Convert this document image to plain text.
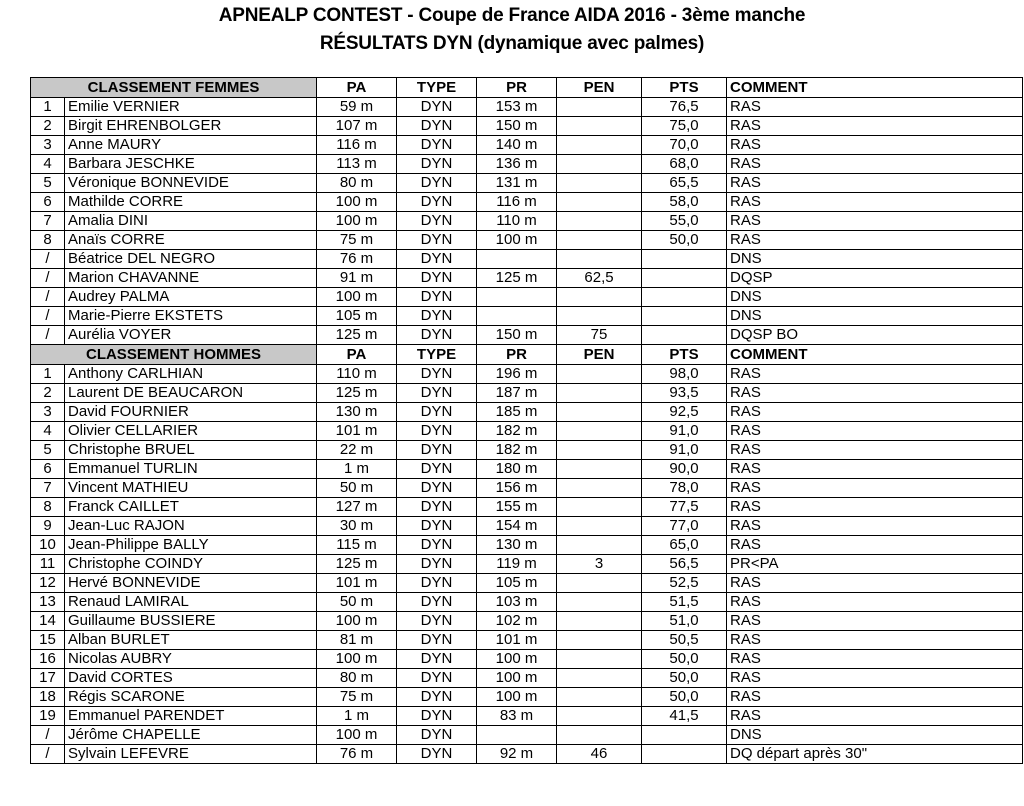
APNEALP CONTEST - Coupe de France AIDA 2016 - 3ème manche
RÉSULTATS DYN (dynamique avec palmes)
CLASSEMENT FEMMES		PA	TYPE	PR	PEN	PTS	COMMENT
1	Emilie VERNIER	59 m	DYN	153 m		76,5	RAS
2	Birgit EHRENBOLGER	107 m	DYN	150 m		75,0	RAS
3	Anne MAURY	116 m	DYN	140 m		70,0	RAS
4	Barbara JESCHKE	113 m	DYN	136 m		68,0	RAS
5	Véronique BONNEVIDE	80 m	DYN	131 m		65,5	RAS
6	Mathilde CORRE	100 m	DYN	116 m		58,0	RAS
7	Amalia DINI	100 m	DYN	110 m		55,0	RAS
8	Anaïs CORRE	75 m	DYN	100 m		50,0	RAS
/	Béatrice DEL NEGRO	76 m	DYN				DNS
/	Marion CHAVANNE	91 m	DYN	125 m	62,5		DQSP
/	Audrey PALMA	100 m	DYN				DNS
/	Marie-Pierre EKSTETS	105 m	DYN				DNS
/	Aurélia VOYER	125 m	DYN	150 m	75		DQSP BO
CLASSEMENT HOMMES		PA	TYPE	PR	PEN	PTS	COMMENT
1	Anthony CARLHIAN	110 m	DYN	196 m		98,0	RAS
2	Laurent DE BEAUCARON	125 m	DYN	187 m		93,5	RAS
3	David FOURNIER	130 m	DYN	185 m		92,5	RAS
4	Olivier CELLARIER	101 m	DYN	182 m		91,0	RAS
5	Christophe BRUEL	22 m	DYN	182 m		91,0	RAS
6	Emmanuel TURLIN	1 m	DYN	180 m		90,0	RAS
7	Vincent MATHIEU	50 m	DYN	156 m		78,0	RAS
8	Franck CAILLET	127 m	DYN	155 m		77,5	RAS
9	Jean-Luc RAJON	30 m	DYN	154 m		77,0	RAS
10	Jean-Philippe BALLY	115 m	DYN	130 m		65,0	RAS
11	Christophe COINDY	125 m	DYN	119 m	3	56,5	PR<PA
12	Hervé BONNEVIDE	101 m	DYN	105 m		52,5	RAS
13	Renaud LAMIRAL	50 m	DYN	103 m		51,5	RAS
14	Guillaume BUSSIERE	100 m	DYN	102 m		51,0	RAS
15	Alban BURLET	81 m	DYN	101 m		50,5	RAS
16	Nicolas AUBRY	100 m	DYN	100 m		50,0	RAS
17	David CORTES	80 m	DYN	100 m		50,0	RAS
18	Régis SCARONE	75 m	DYN	100 m		50,0	RAS
19	Emmanuel PARENDET	1 m	DYN	83 m		41,5	RAS
/	Jérôme CHAPELLE	100 m	DYN				DNS
/	Sylvain LEFEVRE	76 m	DYN	92 m	46		DQ départ après 30"
